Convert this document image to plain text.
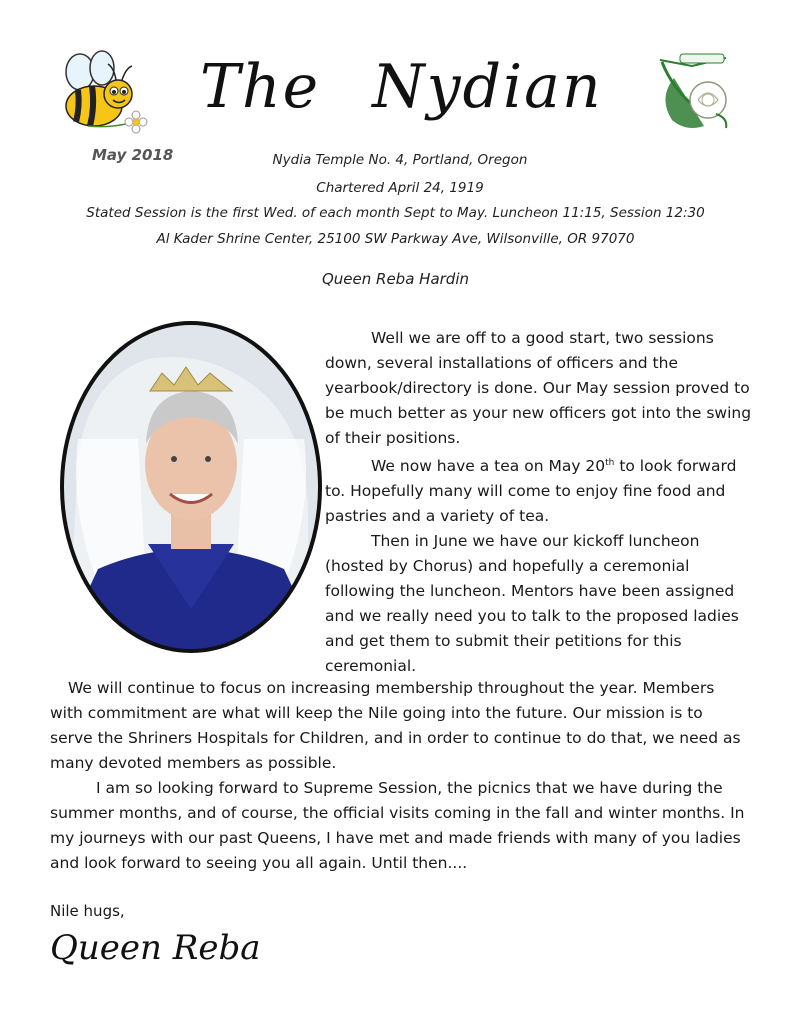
The Nydian
May 2018	Nydia Temple No. 4, Portland, Oregon
Chartered April 24, 1919
Stated Session is the first Wed. of each month Sept to May. Luncheon 11:15, Session 12:30
Al Kader Shrine Center, 25100 SW Parkway Ave, Wilsonville, OR 97070
Queen Reba Hardin

Well we are off to a good start, two sessions down, several installations of officers and the yearbook/directory is done. Our May session proved to be much better as your new officers got into the swing of their positions.

We now have a tea on May 20th to look forward to. Hopefully many will come to enjoy fine food and pastries and a variety of tea.

Then in June we have our kickoff luncheon (hosted by Chorus) and hopefully a ceremonial following the luncheon. Mentors have been assigned and we really need you to talk to the proposed ladies and get them to submit their petitions for this ceremonial.

We will continue to focus on increasing membership throughout the year. Members with commitment are what will keep the Nile going into the future. Our mission is to serve the Shriners Hospitals for Children, and in order to continue to do that, we need as many devoted members as possible.

I am so looking forward to Supreme Session, the picnics that we have during the summer months, and of course, the official visits coming in the fall and winter months. In my journeys with our past Queens, I have met and made friends with many of you ladies and look forward to seeing you all again. Until then....

Nile hugs,
Queen Reba
